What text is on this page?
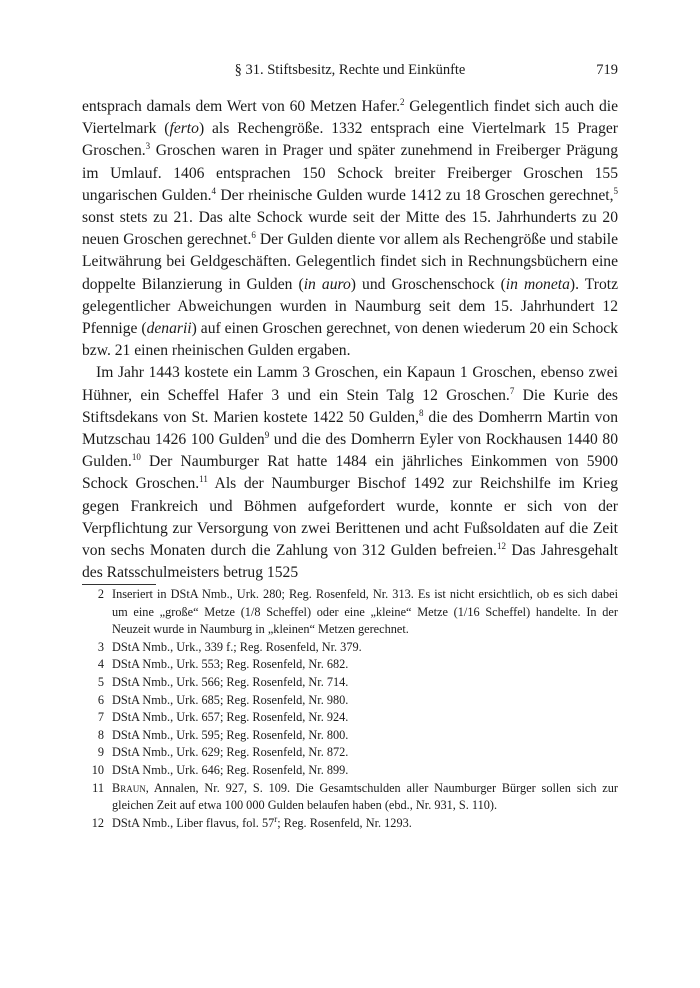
§ 31. Stiftsbesitz, Rechte und Einkünfte	719

entsprach damals dem Wert von 60 Metzen Hafer.$^2$ Gelegentlich findet sich auch die Viertelmark (ferto) als Rechengröße. 1332 entsprach eine Viertelmark 15 Prager Groschen.$^3$ Groschen waren in Prager und später zunehmend in Freiberger Prägung im Umlauf. 1406 entsprachen 150 Schock breiter Freiberger Groschen 155 ungarischen Gulden.$^4$ Der rheinische Gulden wurde 1412 zu 18 Groschen gerechnet,$^5$ sonst stets zu 21. Das alte Schock wurde seit der Mitte des 15. Jahrhunderts zu 20 neuen Groschen gerechnet.$^6$ Der Gulden diente vor allem als Rechengröße und stabile Leitwährung bei Geldgeschäften. Gelegentlich findet sich in Rechnungsbüchern eine doppelte Bilanzierung in Gulden (in auro) und Groschenschock (in moneta). Trotz gelegentlicher Abweichungen wurden in Naumburg seit dem 15. Jahrhundert 12 Pfennige (denarii) auf einen Groschen gerechnet, von denen wiederum 20 ein Schock bzw. 21 einen rheinischen Gulden ergaben.

Im Jahr 1443 kostete ein Lamm 3 Groschen, ein Kapaun 1 Groschen, ebenso zwei Hühner, ein Scheffel Hafer 3 und ein Stein Talg 12 Groschen.$^7$ Die Kurie des Stiftsdekans von St. Marien kostete 1422 50 Gulden,$^8$ die des Domherrn Martin von Mutzschau 1426 100 Gulden$^9$ und die des Domherrn Eyler von Rockhausen 1440 80 Gulden.$^{10}$ Der Naumburger Rat hatte 1484 ein jährliches Einkommen von 5900 Schock Groschen.$^{11}$ Als der Naumburger Bischof 1492 zur Reichshilfe im Krieg gegen Frankreich und Böhmen aufgefordert wurde, konnte er sich von der Verpflichtung zur Versorgung von zwei Berittenen und acht Fußsoldaten auf die Zeit von sechs Monaten durch die Zahlung von 312 Gulden befreien.$^{12}$ Das Jahresgehalt des Ratsschulmeisters betrug 1525

2 Inseriert in DStA Nmb., Urk. 280; Reg. Rosenfeld, Nr. 313. Es ist nicht ersichtlich, ob es sich dabei um eine „große“ Metze (1/8 Scheffel) oder eine „kleine“ Metze (1/16 Scheffel) handelte. In der Neuzeit wurde in Naumburg in „kleinen“ Metzen gerechnet.
3 DStA Nmb., Urk., 339 f.; Reg. Rosenfeld, Nr. 379.
4 DStA Nmb., Urk. 553; Reg. Rosenfeld, Nr. 682.
5 DStA Nmb., Urk. 566; Reg. Rosenfeld, Nr. 714.
6 DStA Nmb., Urk. 685; Reg. Rosenfeld, Nr. 980.
7 DStA Nmb., Urk. 657; Reg. Rosenfeld, Nr. 924.
8 DStA Nmb., Urk. 595; Reg. Rosenfeld, Nr. 800.
9 DStA Nmb., Urk. 629; Reg. Rosenfeld, Nr. 872.
10 DStA Nmb., Urk. 646; Reg. Rosenfeld, Nr. 899.
11 Braun, Annalen, Nr. 927, S. 109. Die Gesamtschulden aller Naumburger Bürger sollen sich zur gleichen Zeit auf etwa 100 000 Gulden belaufen haben (ebd., Nr. 931, S. 110).
12 DStA Nmb., Liber flavus, fol. 57$^r$; Reg. Rosenfeld, Nr. 1293.
